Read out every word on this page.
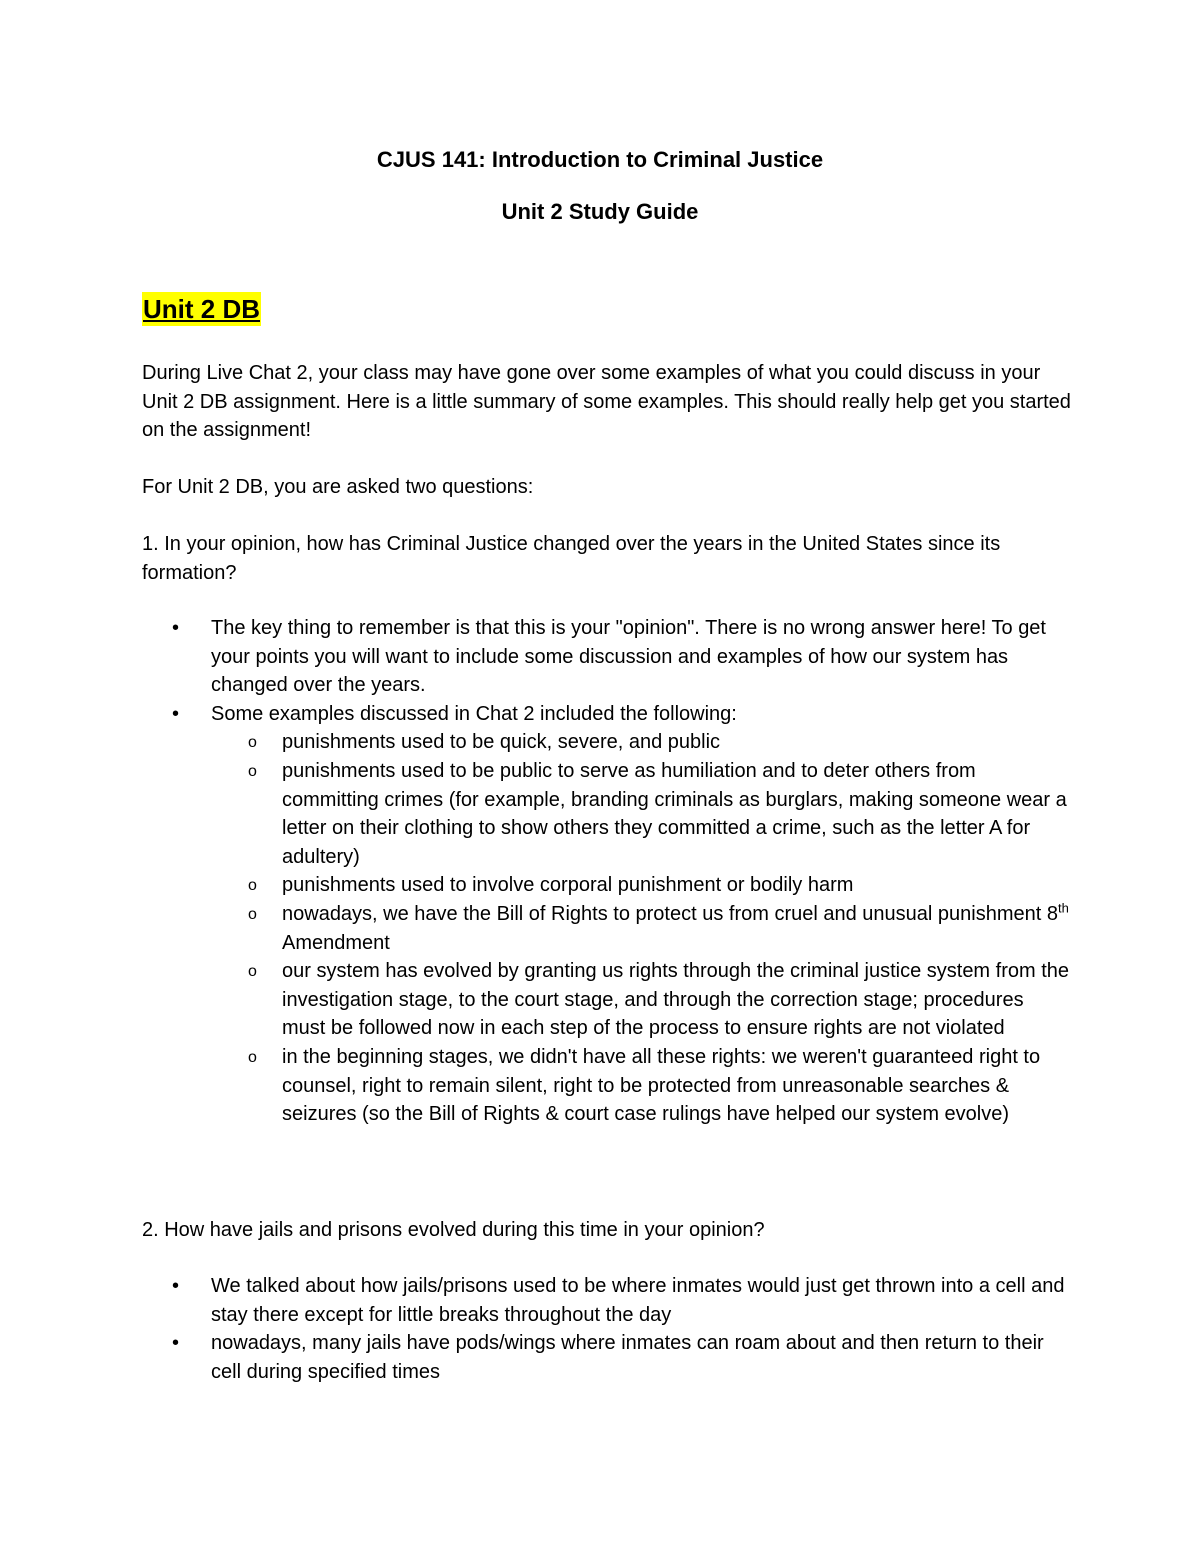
CJUS 141: Introduction to Criminal Justice
Unit 2 Study Guide
Unit 2 DB
During Live Chat 2, your class may have gone over some examples of what you could discuss in your Unit 2 DB assignment. Here is a little summary of some examples. This should really help get you started on the assignment!
For Unit 2 DB, you are asked two questions:
1. In your opinion, how has Criminal Justice changed over the years in the United States since its formation?
• The key thing to remember is that this is your "opinion". There is no wrong answer here! To get your points you will want to include some discussion and examples of how our system has changed over the years.
• Some examples discussed in Chat 2 included the following:
o punishments used to be quick, severe, and public
o punishments used to be public to serve as humiliation and to deter others from committing crimes (for example, branding criminals as burglars, making someone wear a letter on their clothing to show others they committed a crime, such as the letter A for adultery)
o punishments used to involve corporal punishment or bodily harm
o nowadays, we have the Bill of Rights to protect us from cruel and unusual punishment 8th Amendment
o our system has evolved by granting us rights through the criminal justice system from the investigation stage, to the court stage, and through the correction stage; procedures must be followed now in each step of the process to ensure rights are not violated
o in the beginning stages, we didn't have all these rights: we weren't guaranteed right to counsel, right to remain silent, right to be protected from unreasonable searches & seizures (so the Bill of Rights & court case rulings have helped our system evolve)
2. How have jails and prisons evolved during this time in your opinion?
• We talked about how jails/prisons used to be where inmates would just get thrown into a cell and stay there except for little breaks throughout the day
• nowadays, many jails have pods/wings where inmates can roam about and then return to their cell during specified times
